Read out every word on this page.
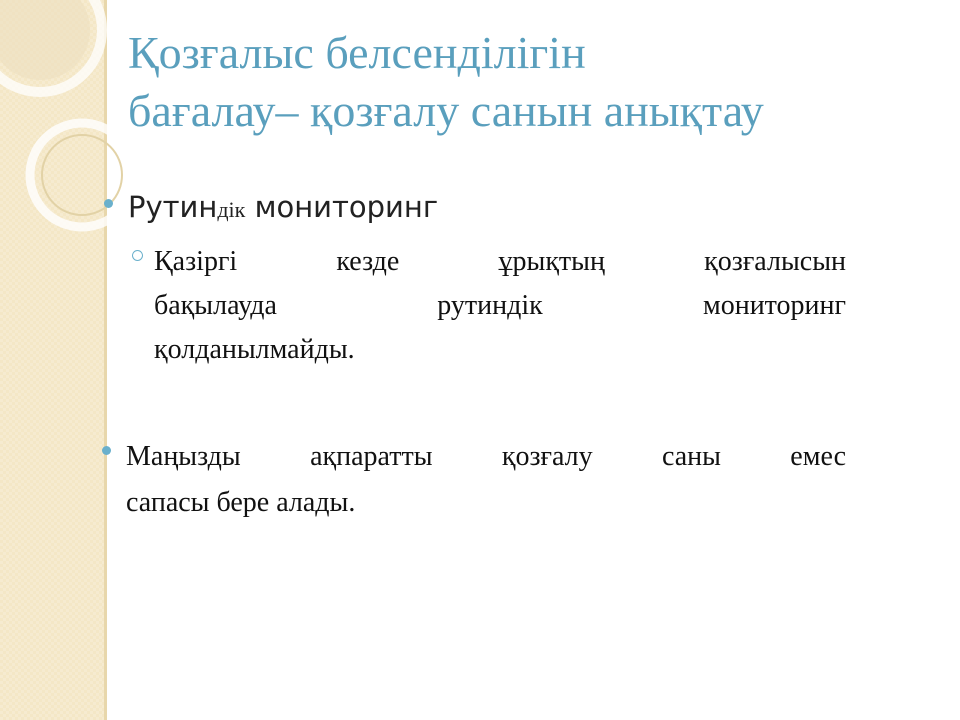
Қозғалыс белсенділігін
бағалау– қозғалу санын анықтау
Рутиндік мониторинг
Қазіргі кезде ұрықтың қозғалысын
бақылауда рутиндік мониторинг
қолданылмайды.
Маңызды ақпаратты қозғалу саны емес
сапасы бере алады.
